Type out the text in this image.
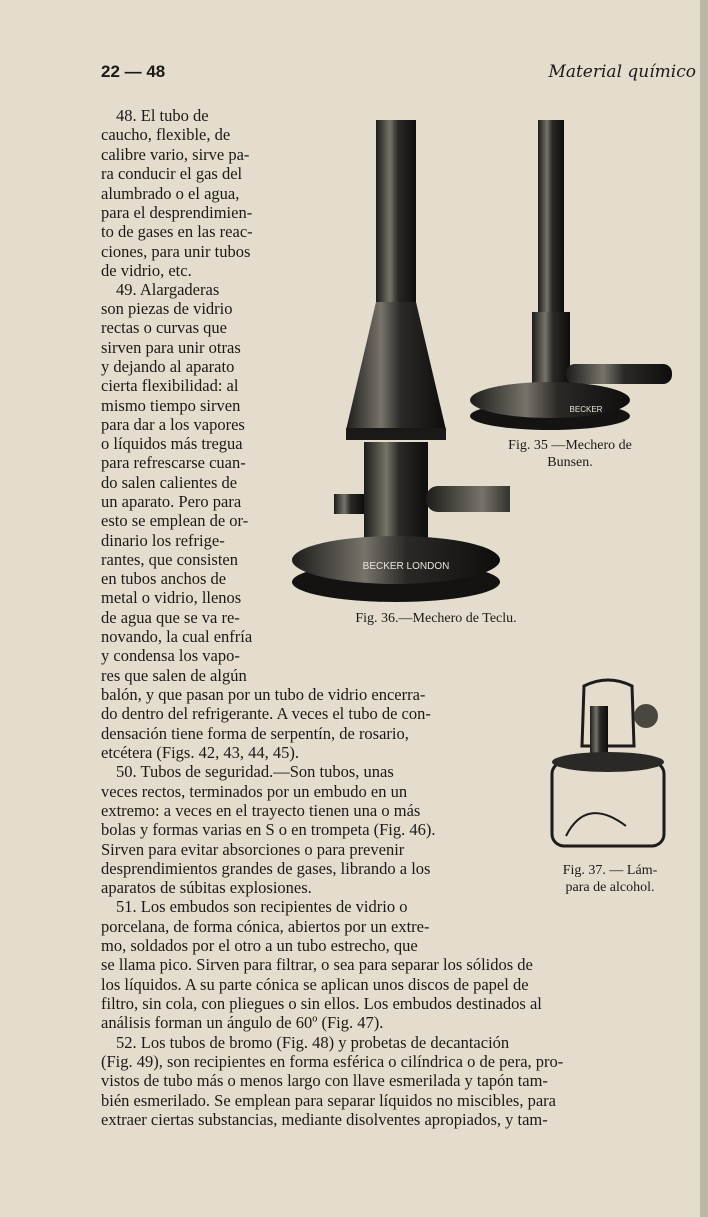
22 — 48	Material químico
48. El tubo de
caucho, flexible, de
calibre vario, sirve pa-
ra conducir el gas del
alumbrado o el agua,
para el desprendimien-
to de gases en las reac-
ciones, para unir tubos
de vidrio, etc.
49. Alargaderas
son piezas de vidrio
rectas o curvas que
sirven para unir otras
y dejando al aparato
cierta flexibilidad: al
mismo tiempo sirven
para dar a los vapores
o líquidos más tregua
para refrescarse cuan-
do salen calientes de
un aparato. Pero para
esto se emplean de or-
dinario los refrige-
rantes, que consisten
en tubos anchos de
metal o vidrio, llenos
de agua que se va re-
novando, la cual enfría
y condensa los vapo-
res que salen de algún
balón, y que pasan por un tubo de vidrio encerra-
do dentro del refrigerante. A veces el tubo de con-
densación tiene forma de serpentín, de rosario,
etcétera (Figs. 42, 43, 44, 45).
50. Tubos de seguridad.—Son tubos, unas
veces rectos, terminados por un embudo en un
extremo: a veces en el trayecto tienen una o más
bolas y formas varias en S o en trompeta (Fig. 46).
Sirven para evitar absorciones o para prevenir
desprendimientos grandes de gases, librando a los
aparatos de súbitas explosiones.
51. Los embudos son recipientes de vidrio o
porcelana, de forma cónica, abiertos por un extre-
mo, soldados por el otro a un tubo estrecho, que
se llama pico. Sirven para filtrar, o sea para separar los sólidos de
los líquidos. A su parte cónica se aplican unos discos de papel de
filtro, sin cola, con pliegues o sin ellos. Los embudos destinados al
análisis forman un ángulo de 60º (Fig. 47).
52. Los tubos de bromo (Fig. 48) y probetas de decantación
(Fig. 49), son recipientes en forma esférica o cilíndrica o de pera, pro-
vistos de tubo más o menos largo con llave esmerilada y tapón tam-
bién esmerilado. Se emplean para separar líquidos no miscibles, para
extraer ciertas substancias, mediante disolventes apropiados, y tam-
BECKER LONDON
BECKER
Fig. 35 —Mechero de
Bunsen.
Fig. 36.—Mechero de Teclu.
Fig. 37. — Lám-
para de alcohol.
